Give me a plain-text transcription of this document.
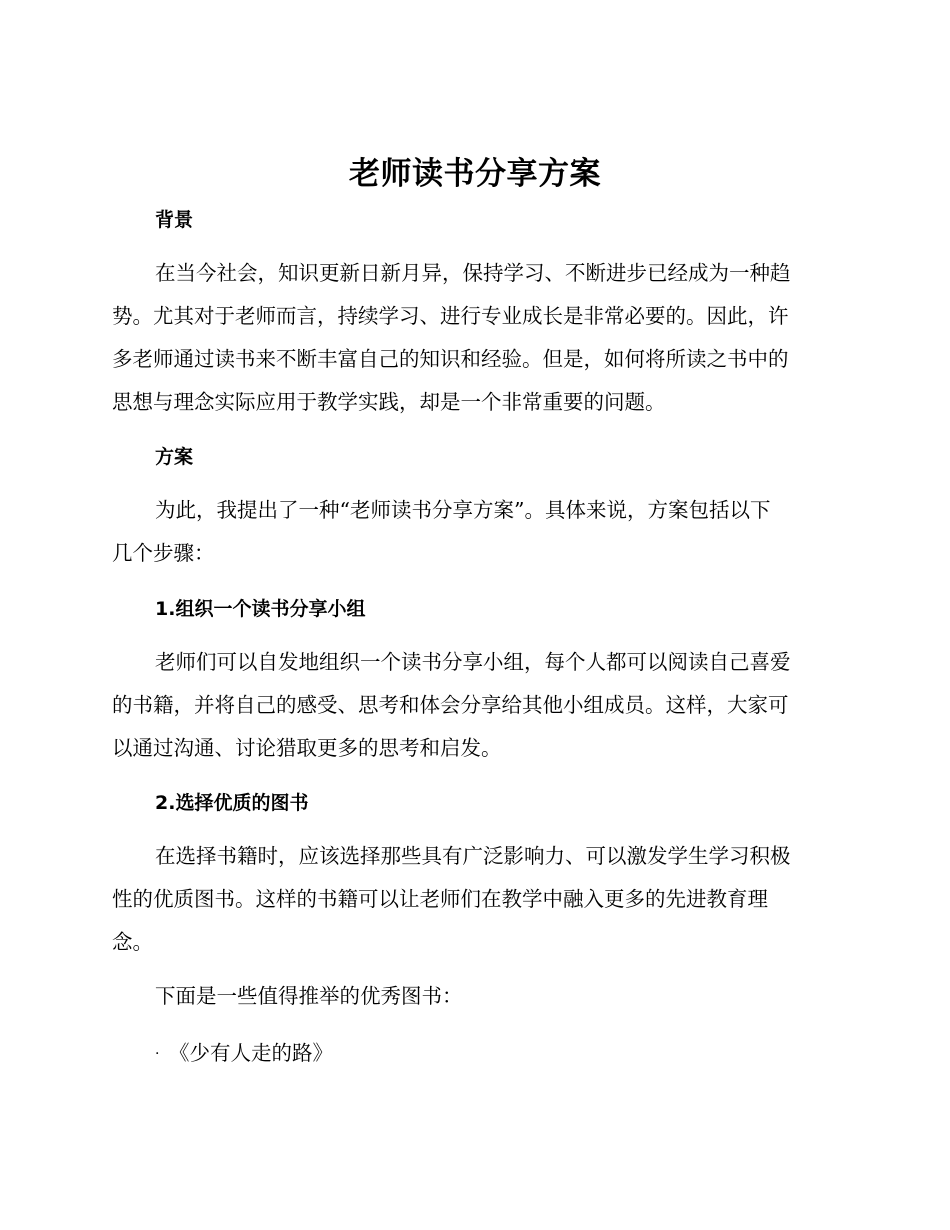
老师读书分享方案
背景

在当今社会，知识更新日新月异，保持学习、不断进步已经成为一种趋
势。尤其对于老师而言，持续学习、进行专业成长是非常必要的。因此，许
多老师通过读书来不断丰富自己的知识和经验。但是，如何将所读之书中的
思想与理念实际应用于教学实践，却是一个非常重要的问题。

方案

为此，我提出了一种“老师读书分享方案”。具体来说，方案包括以下
几个步骤：

1.组织一个读书分享小组

老师们可以自发地组织一个读书分享小组，每个人都可以阅读自己喜爱
的书籍，并将自己的感受、思考和体会分享给其他小组成员。这样，大家可
以通过沟通、讨论猎取更多的思考和启发。

2.选择优质的图书

在选择书籍时，应该选择那些具有广泛影响力、可以激发学生学习积极
性的优质图书。这样的书籍可以让老师们在教学中融入更多的先进教育理
念。

下面是一些值得推举的优秀图书：

· 《少有人走的路》
